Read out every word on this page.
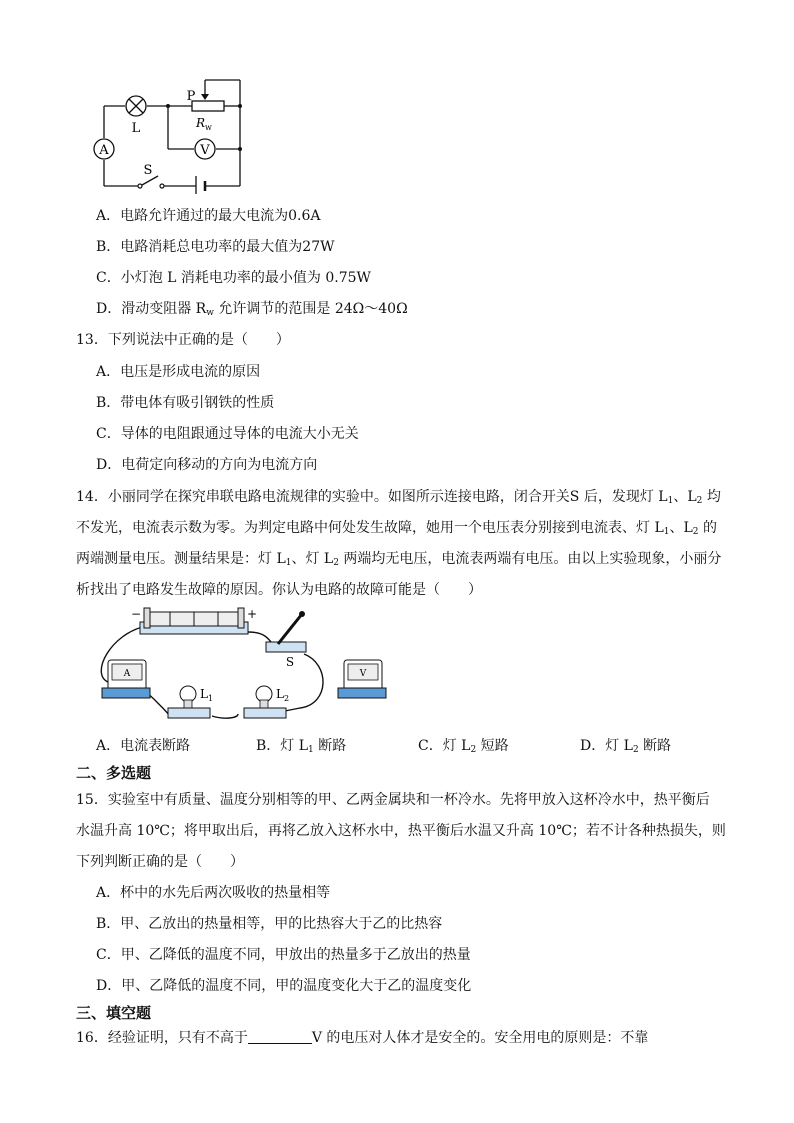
A
L
P
R w
V
S
A．电路允许通过的最大电流为0.6A
B．电路消耗总电功率的最大值为27W
C．小灯泡 L 消耗电功率的最小值为 0.75W
D．滑动变阻器 $R_w$ 允许调节的范围是 24Ω～40Ω
13．下列说法中正确的是（　　）
A．电压是形成电流的原因
B．带电体有吸引钢铁的性质
C．导体的电阻跟通过导体的电流大小无关
D．电荷定向移动的方向为电流方向
14．小丽同学在探究串联电路电流规律的实验中。如图所示连接电路，闭合开关S 后，发现灯 $L_1$、$L_2$ 均
不发光，电流表示数为零。为判定电路中何处发生故障，她用一个电压表分别接到电流表、灯 $L_1$、$L_2$ 的
两端测量电压。测量结果是：灯 $L_1$、灯 $L_2$ 两端均无电压，电流表两端有电压。由以上实验现象，小丽分
析找出了电路发生故障的原因。你认为电路的故障可能是（　　）
−	+
S
A	V
$L_1$	$L_2$
A．电流表断路	B．灯 $L_1$ 断路	C．灯 $L_2$ 短路	D．灯 $L_2$ 断路
二、多选题
15．实验室中有质量、温度分别相等的甲、乙两金属块和一杯冷水。先将甲放入这杯冷水中，热平衡后
水温升高 10℃；将甲取出后，再将乙放入这杯水中，热平衡后水温又升高 10℃；若不计各种热损失，则
下列判断正确的是（　　）
A．杯中的水先后两次吸收的热量相等
B．甲、乙放出的热量相等，甲的比热容大于乙的比热容
C．甲、乙降低的温度不同，甲放出的热量多于乙放出的热量
D．甲、乙降低的温度不同，甲的温度变化大于乙的温度变化
三、填空题
16．经验证明，只有不高于	V 的电压对人体才是安全的。安全用电的原则是：不靠
